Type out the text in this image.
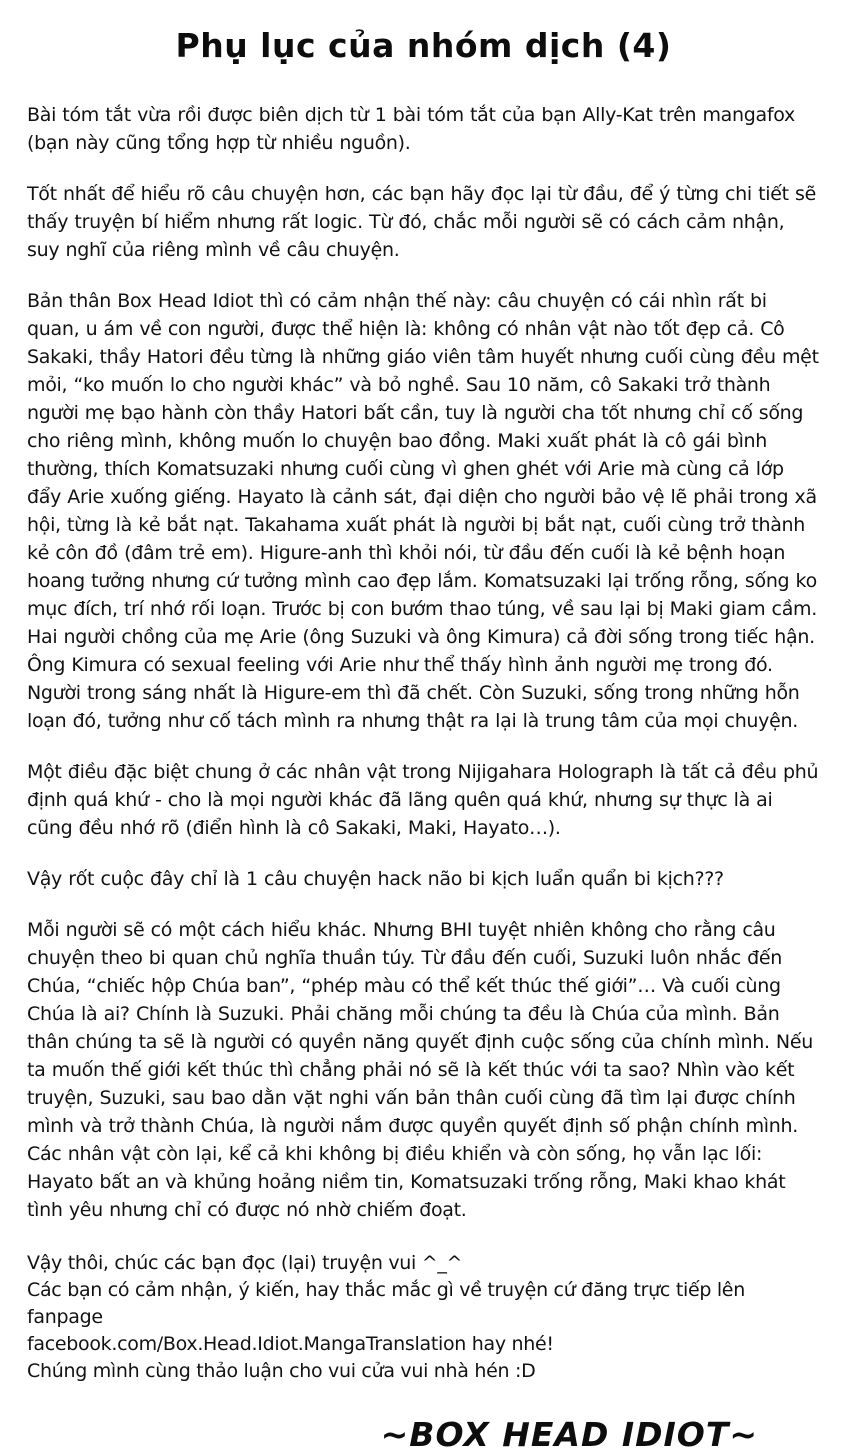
Phụ lục của nhóm dịch (4)
Bài tóm tắt vừa rồi được biên dịch từ 1 bài tóm tắt của bạn Ally-Kat trên mangafox (bạn này cũng tổng hợp từ nhiều nguồn).
Tốt nhất để hiểu rõ câu chuyện hơn, các bạn hãy đọc lại từ đầu, để ý từng chi tiết sẽ thấy truyện bí hiểm nhưng rất logic. Từ đó, chắc mỗi người sẽ có cách cảm nhận, suy nghĩ của riêng mình về câu chuyện.
Bản thân Box Head Idiot thì có cảm nhận thế này: câu chuyện có cái nhìn rất bi quan, u ám về con người, được thể hiện là: không có nhân vật nào tốt đẹp cả. Cô Sakaki, thầy Hatori đều từng là những giáo viên tâm huyết nhưng cuối cùng đều mệt mỏi, “ko muốn lo cho người khác” và bỏ nghề. Sau 10 năm, cô Sakaki trở thành người mẹ bạo hành còn thầy Hatori bất cần, tuy là người cha tốt nhưng chỉ cố sống cho riêng mình, không muốn lo chuyện bao đồng. Maki xuất phát là cô gái bình thường, thích Komatsuzaki nhưng cuối cùng vì ghen ghét với Arie mà cùng cả lớp đẩy Arie xuống giếng. Hayato là cảnh sát, đại diện cho người bảo vệ lẽ phải trong xã hội, từng là kẻ bắt nạt. Takahama xuất phát là người bị bắt nạt, cuối cùng trở thành kẻ côn đồ (đâm trẻ em). Higure-anh thì khỏi nói, từ đầu đến cuối là kẻ bệnh hoạn hoang tưởng nhưng cứ tưởng mình cao đẹp lắm. Komatsuzaki lại trống rỗng, sống ko mục đích, trí nhớ rối loạn. Trước bị con bướm thao túng, về sau lại bị Maki giam cầm. Hai người chồng của mẹ Arie (ông Suzuki và ông Kimura) cả đời sống trong tiếc hận. Ông Kimura có sexual feeling với Arie như thể thấy hình ảnh người mẹ trong đó. Người trong sáng nhất là Higure-em thì đã chết. Còn Suzuki, sống trong những hỗn loạn đó, tưởng như cố tách mình ra nhưng thật ra lại là trung tâm của mọi chuyện.
Một điều đặc biệt chung ở các nhân vật trong Nijigahara Holograph là tất cả đều phủ định quá khứ - cho là mọi người khác đã lãng quên quá khứ, nhưng sự thực là ai cũng đều nhớ rõ (điển hình là cô Sakaki, Maki, Hayato…).
Vậy rốt cuộc đây chỉ là 1 câu chuyện hack não bi kịch luẩn quẩn bi kịch???
Mỗi người sẽ có một cách hiểu khác. Nhưng BHI tuyệt nhiên không cho rằng câu chuyện theo bi quan chủ nghĩa thuần túy. Từ đầu đến cuối, Suzuki luôn nhắc đến Chúa, “chiếc hộp Chúa ban”, “phép màu có thể kết thúc thế giới”… Và cuối cùng Chúa là ai? Chính là Suzuki. Phải chăng mỗi chúng ta đều là Chúa của mình. Bản thân chúng ta sẽ là người có quyền năng quyết định cuộc sống của chính mình. Nếu ta muốn thế giới kết thúc thì chẳng phải nó sẽ là kết thúc với ta sao? Nhìn vào kết truyện, Suzuki, sau bao dằn vặt nghi vấn bản thân cuối cùng đã tìm lại được chính mình và trở thành Chúa, là người nắm được quyền quyết định số phận chính mình. Các nhân vật còn lại, kể cả khi không bị điều khiển và còn sống, họ vẫn lạc lối: Hayato bất an và khủng hoảng niềm tin, Komatsuzaki trống rỗng, Maki khao khát tình yêu nhưng chỉ có được nó nhờ chiếm đoạt.
Vậy thôi, chúc các bạn đọc (lại) truyện vui ^_^
Các bạn có cảm nhận, ý kiến, hay thắc mắc gì về truyện cứ đăng trực tiếp lên fanpage
facebook.com/Box.Head.Idiot.MangaTranslation hay nhé!
Chúng mình cùng thảo luận cho vui cửa vui nhà hén :D
~BOX HEAD IDIOT~
